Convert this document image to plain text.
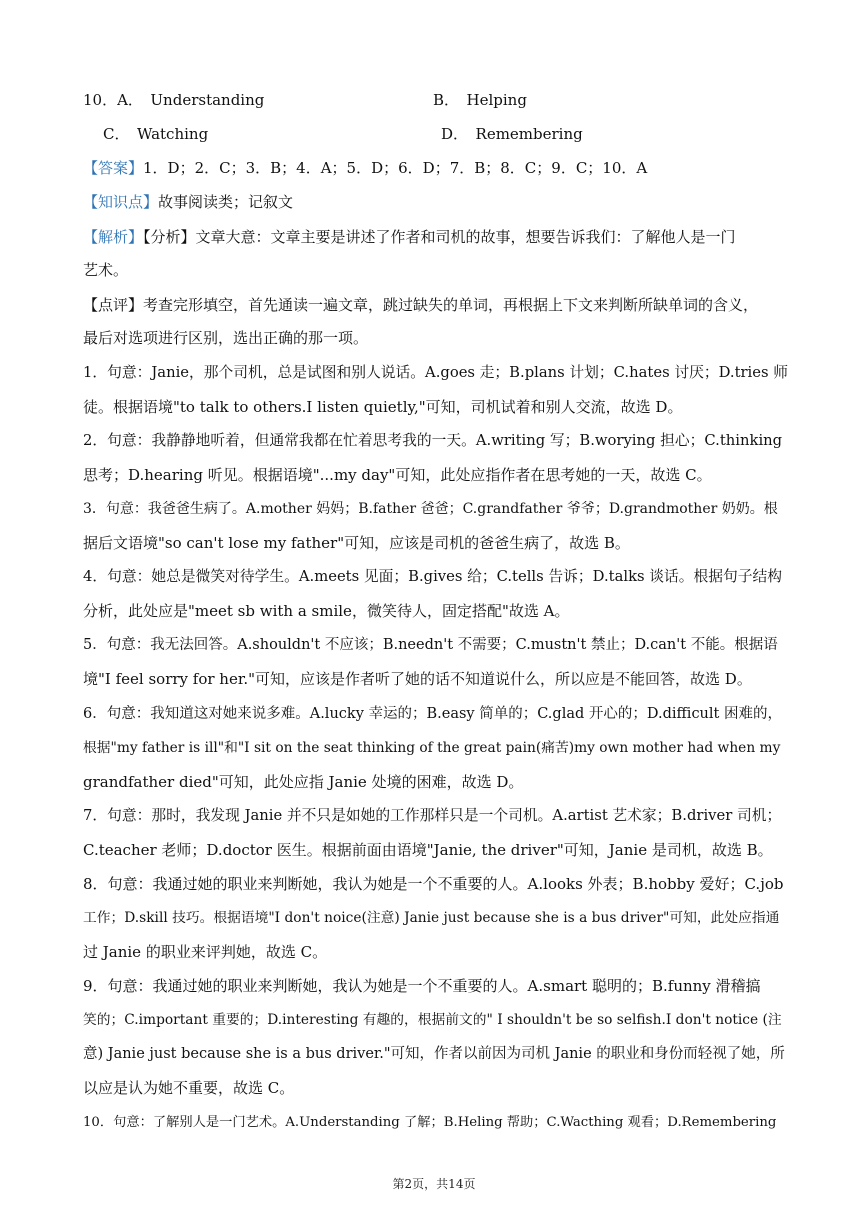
10．A．　Understanding	B．　Helping
C．　Watching	D．　Remembering
【答案】1．D；2．C；3．B；4．A；5．D；6．D；7．B；8．C；9．C；10．A
【知识点】故事阅读类；记叙文
【解析】【分析】文章大意：文章主要是讲述了作者和司机的故事，想要告诉我们：了解他人是一门
艺术。
【点评】考查完形填空，首先通读一遍文章，跳过缺失的单词，再根据上下文来判断所缺单词的含义，
最后对选项进行区别，选出正确的那一项。
1．句意：Janie，那个司机，总是试图和别人说话。A.goes 走；B.plans 计划；C.hates 讨厌；D.tries 师
徒。根据语境"to talk to others.I listen quietly,"可知，司机试着和别人交流，故选 D。
2．句意：我静静地听着，但通常我都在忙着思考我的一天。A.writing 写；B.worying 担心；C.thinking
思考；D.hearing 听见。根据语境"...my day"可知，此处应指作者在思考她的一天，故选 C。
3．句意：我爸爸生病了。A.mother 妈妈；B.father 爸爸；C.grandfather 爷爷；D.grandmother 奶奶。根
据后文语境"so can't lose my father"可知，应该是司机的爸爸生病了，故选 B。
4．句意：她总是微笑对待学生。A.meets 见面；B.gives 给；C.tells 告诉；D.talks 谈话。根据句子结构
分析，此处应是"meet sb with a smile，微笑待人，固定搭配"故选 A。
5．句意：我无法回答。A.shouldn't 不应该；B.needn't 不需要；C.mustn't 禁止；D.can't 不能。根据语
境"I feel sorry for her."可知，应该是作者听了她的话不知道说什么，所以应是不能回答，故选 D。
6．句意：我知道这对她来说多难。A.lucky 幸运的；B.easy 简单的；C.glad 开心的；D.difficult 困难的，
根据"my father is ill"和"I sit on the seat thinking of the great pain(痛苦)my own mother had when my
grandfather died"可知，此处应指 Janie 处境的困难，故选 D。
7．句意：那时，我发现 Janie 并不只是如她的工作那样只是一个司机。A.artist 艺术家；B.driver 司机；
C.teacher 老师；D.doctor 医生。根据前面由语境"Janie, the driver"可知，Janie 是司机，故选 B。
8．句意：我通过她的职业来判断她，我认为她是一个不重要的人。A.looks 外表；B.hobby 爱好；C.job
工作；D.skill 技巧。根据语境"I don't noice(注意) Janie just because she is a bus driver"可知，此处应指通
过 Janie 的职业来评判她，故选 C。
9．句意：我通过她的职业来判断她，我认为她是一个不重要的人。A.smart 聪明的；B.funny 滑稽搞
笑的；C.important 重要的；D.interesting 有趣的，根据前文的" I shouldn't be so selfish.I don't notice (注
意) Janie just because she is a bus driver."可知，作者以前因为司机 Janie 的职业和身份而轻视了她，所
以应是认为她不重要，故选 C。
10．句意：了解别人是一门艺术。A.Understanding 了解；B.Heling 帮助；C.Wacthing 观看；D.Remembering
第2页，共14页
